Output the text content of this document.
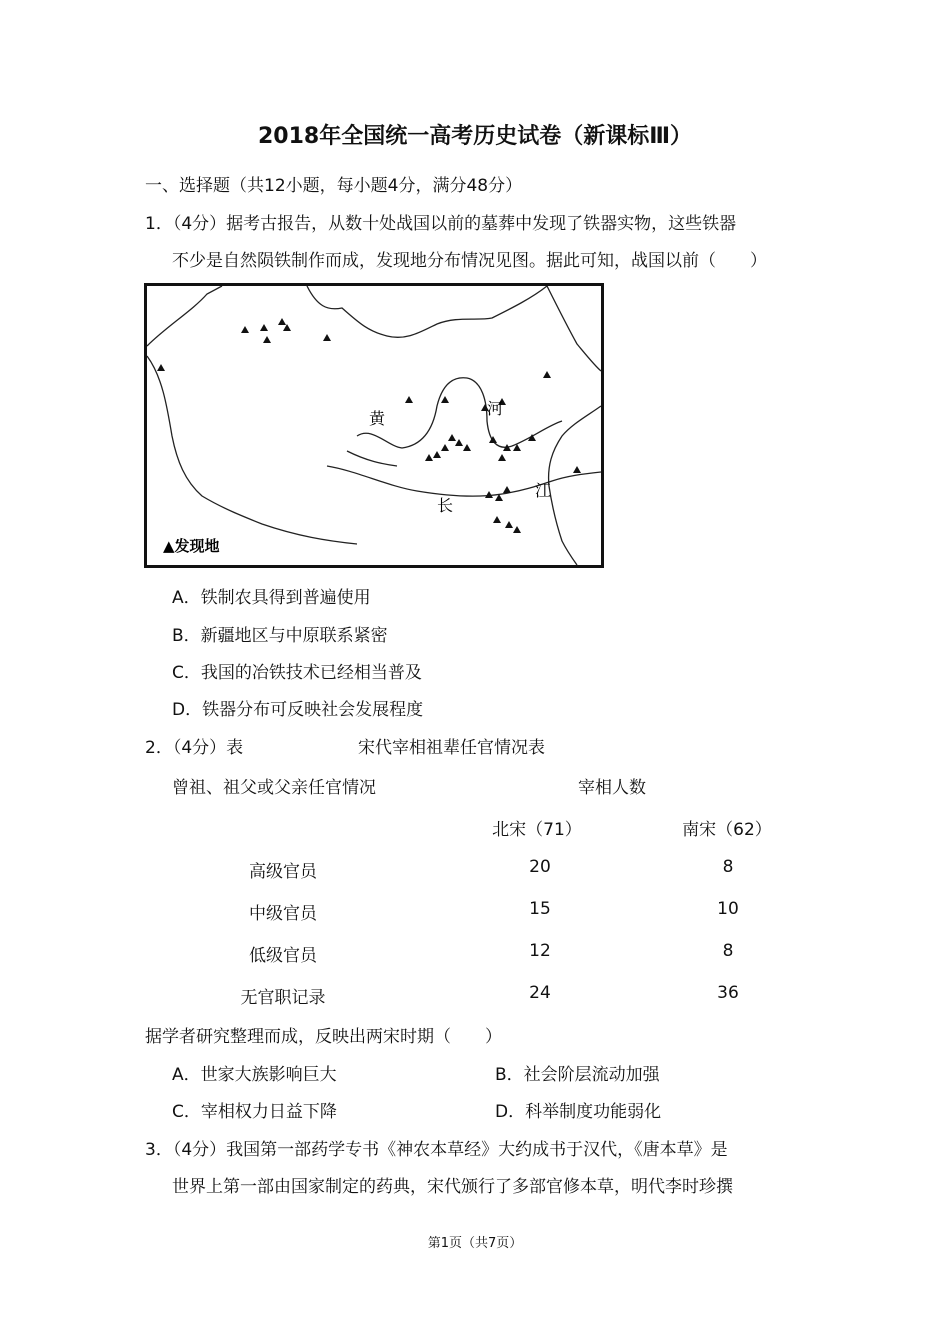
2018年全国统一高考历史试卷（新课标Ⅲ）
一、选择题（共12小题，每小题4分，满分48分）
1．（4分）据考古报告，从数十处战国以前的墓葬中发现了铁器实物，这些铁器
不少是自然陨铁制作而成，发现地分布情况见图。据此可知，战国以前（　　）
黄
河
长
江
▲发现地
A．铁制农具得到普遍使用
B．新疆地区与中原联系紧密
C．我国的冶铁技术已经相当普及
D．铁器分布可反映社会发展程度
2．（4分）表	宋代宰相祖辈任官情况表
曾祖、祖父或父亲任官情况	宰相人数
北宋（71）	南宋（62）
高级官员	20	8
中级官员	15	10
低级官员	12	8
无官职记录	24	36
据学者研究整理而成，反映出两宋时期（　　）
A．世家大族影响巨大	B．社会阶层流动加强
C．宰相权力日益下降	D．科举制度功能弱化
3．（4分）我国第一部药学专书《神农本草经》大约成书于汉代，《唐本草》是
世界上第一部由国家制定的药典，宋代颁行了多部官修本草，明代李时珍撰
第1页（共7页）
